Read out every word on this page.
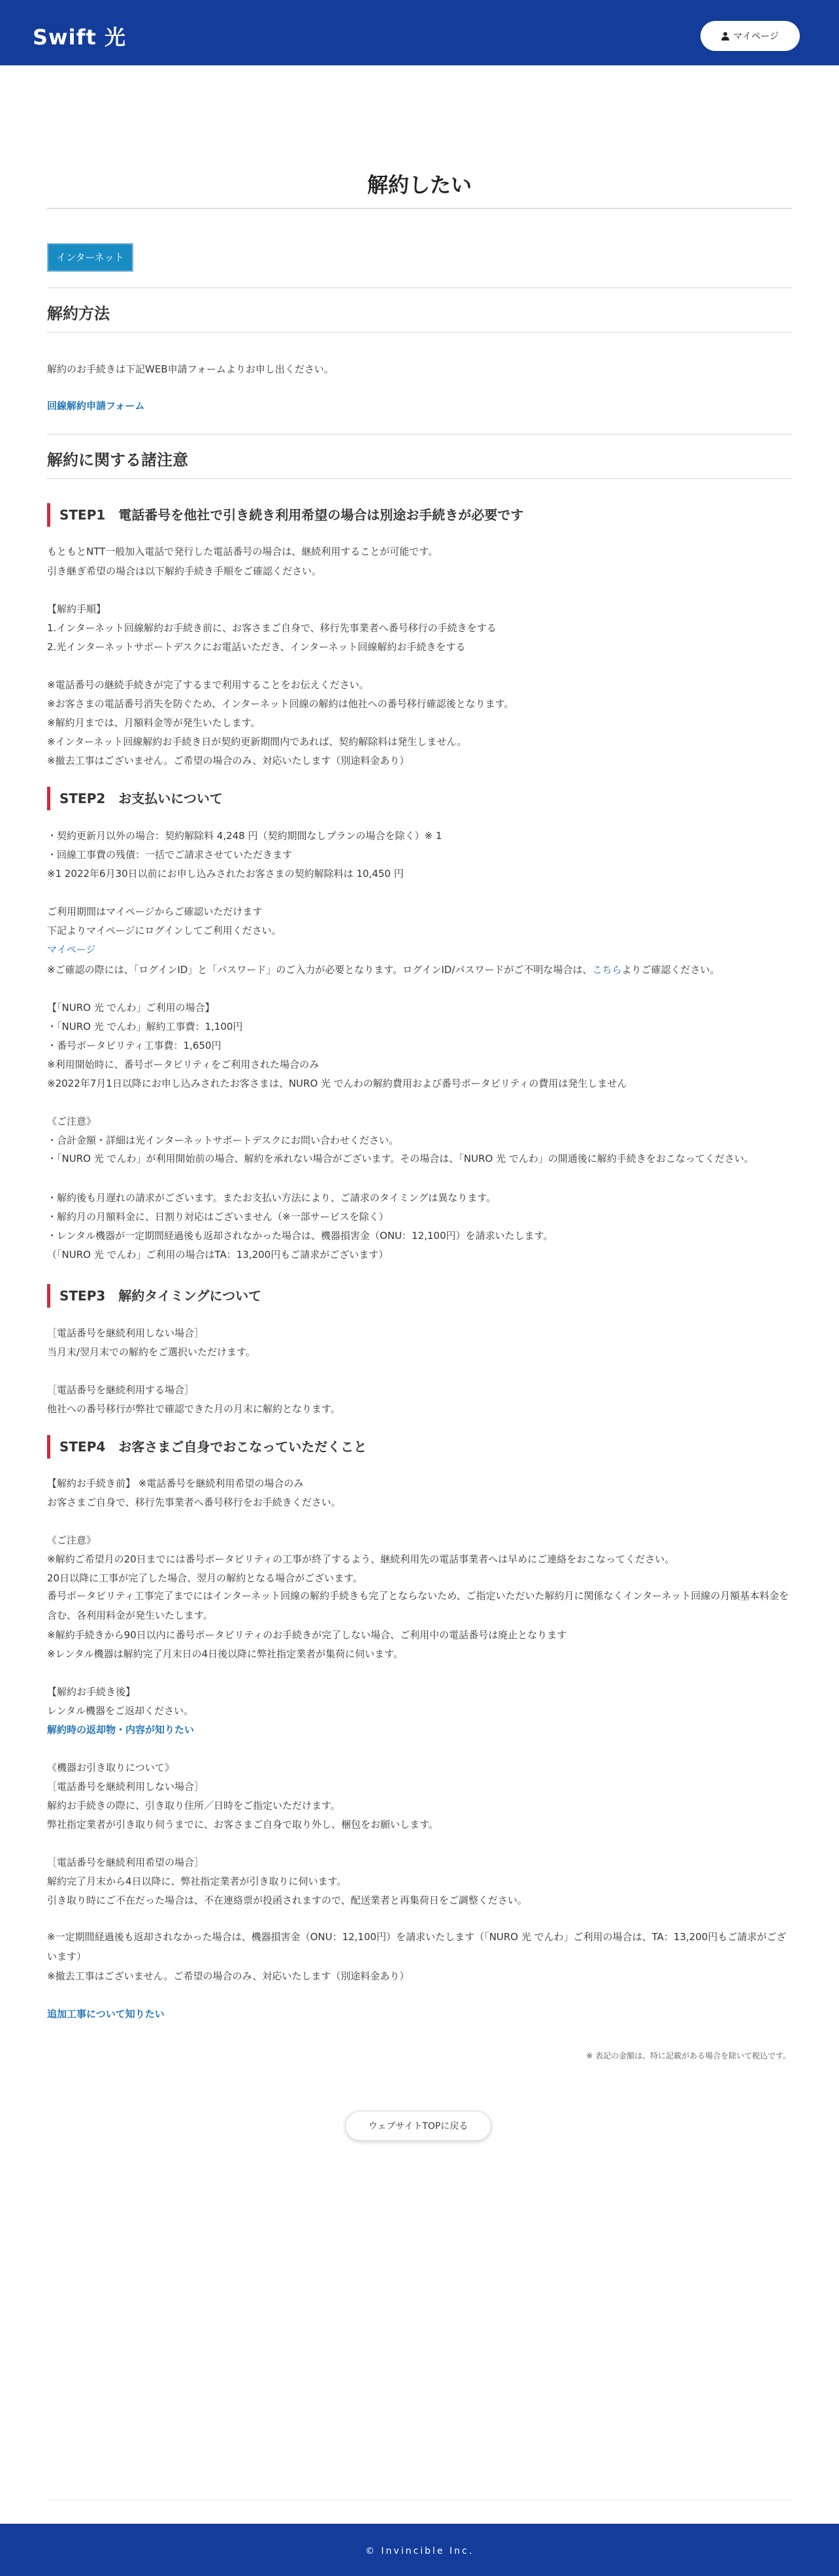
Swift 光	マイページ
解約したい
インターネット
解約方法
解約のお手続きは下記WEB申請フォームよりお申し出ください。
回線解約申請フォーム
解約に関する諸注意
STEP1　電話番号を他社で引き続き利用希望の場合は別途お手続きが必要です
もともとNTT一般加入電話で発行した電話番号の場合は、継続利用することが可能です。
引き継ぎ希望の場合は以下解約手続き手順をご確認ください。
【解約手順】
1.インターネット回線解約お手続き前に、お客さまご自身で、移行先事業者へ番号移行の手続きをする
2.光インターネットサポートデスクにお電話いただき、インターネット回線解約お手続きをする
※電話番号の継続手続きが完了するまで利用することをお伝えください。
※お客さまの電話番号消失を防ぐため、インターネット回線の解約は他社への番号移行確認後となります。
※解約月までは、月額料金等が発生いたします。
※インターネット回線解約お手続き日が契約更新期間内であれば、契約解除料は発生しません。
※撤去工事はございません。ご希望の場合のみ、対応いたします（別途料金あり）
STEP2　お支払いについて
・契約更新月以外の場合：契約解除料 4,248 円（契約期間なしプランの場合を除く）※ 1
・回線工事費の残債：一括でご請求させていただきます
※1 2022年6月30日以前にお申し込みされたお客さまの契約解除料は 10,450 円
ご利用期間はマイページからご確認いただけます
下記よりマイページにログインしてご利用ください。
マイページ
※ご確認の際には、「ログインID」と「パスワード」のご入力が必要となります。ログインID/パスワードがご不明な場合は、こちらよりご確認ください。
【「NURO 光 でんわ」ご利用の場合】
・「NURO 光 でんわ」解約工事費：1,100円
・番号ポータビリティ工事費：1,650円
※利用開始時に、番号ポータビリティをご利用された場合のみ
※2022年7月1日以降にお申し込みされたお客さまは、NURO 光 でんわの解約費用および番号ポータビリティの費用は発生しません
《ご注意》
・合計金額・詳細は光インターネットサポートデスクにお問い合わせください。
・「NURO 光 でんわ」が利用開始前の場合、解約を承れない場合がございます。その場合は、「NURO 光 でんわ」の開通後に解約手続きをおこなってください。
・解約後も月遅れの請求がございます。またお支払い方法により、ご請求のタイミングは異なります。
・解約月の月額料金に、日割り対応はございません（※一部サービスを除く）
・レンタル機器が一定期間経過後も返却されなかった場合は、機器損害金（ONU：12,100円）を請求いたします。
（「NURO 光 でんわ」ご利用の場合はTA：13,200円もご請求がございます）
STEP3　解約タイミングについて
［電話番号を継続利用しない場合］
当月末/翌月末での解約をご選択いただけます。
［電話番号を継続利用する場合］
他社への番号移行が弊社で確認できた月の月末に解約となります。
STEP4　お客さまご自身でおこなっていただくこと
【解約お手続き前】 ※電話番号を継続利用希望の場合のみ
お客さまご自身で、移行先事業者へ番号移行をお手続きください。
《ご注意》
※解約ご希望月の20日までには番号ポータビリティの工事が終了するよう、継続利用先の電話事業者へは早めにご連絡をおこなってください。
20日以降に工事が完了した場合、翌月の解約となる場合がございます。
番号ポータビリティ工事完了までにはインターネット回線の解約手続きも完了とならないため、ご指定いただいた解約月に関係なくインターネット回線の月額基本料金を含む、各利用料金が発生いたします。
※解約手続きから90日以内に番号ポータビリティのお手続きが完了しない場合、ご利用中の電話番号は廃止となります
※レンタル機器は解約完了月末日の4日後以降に弊社指定業者が集荷に伺います。
【解約お手続き後】
レンタル機器をご返却ください。
解約時の返却物・内容が知りたい
《機器お引き取りについて》
［電話番号を継続利用しない場合］
解約お手続きの際に、引き取り住所／日時をご指定いただけます。
弊社指定業者が引き取り伺うまでに、お客さまご自身で取り外し、梱包をお願いします。
［電話番号を継続利用希望の場合］
解約完了月末から4日以降に、弊社指定業者が引き取りに伺います。
引き取り時にご不在だった場合は、不在連絡票が投函されますので、配送業者と再集荷日をご調整ください。
※一定期間経過後も返却されなかった場合は、機器損害金（ONU：12,100円）を請求いたします（「NURO 光 でんわ」ご利用の場合は、TA：13,200円もご請求がございます）
※撤去工事はございません。ご希望の場合のみ、対応いたします（別途料金あり）
追加工事について知りたい
※ 表記の金額は、特に記載がある場合を除いて税込です。
ウェブサイトTOPに戻る
© Invincible Inc.
